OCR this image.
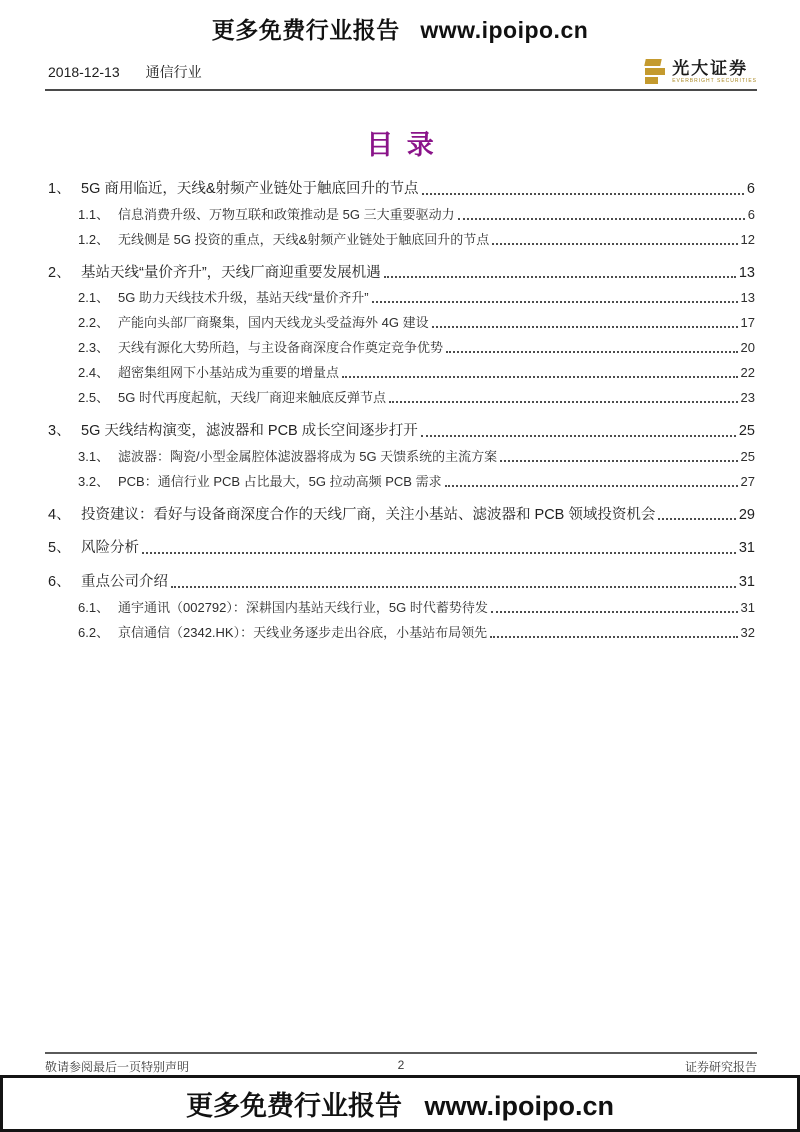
更多免费行业报告   www.ipoipo.cn
2018-12-13 通信行业	光大证券
EVERBRIGHT SECURITIES
目  录
1、 5G 商用临近，天线&射频产业链处于触底回升的节点	6
1.1、 信息消费升级、万物互联和政策推动是 5G 三大重要驱动力	6
1.2、 无线侧是 5G 投资的重点，天线&射频产业链处于触底回升的节点	12
2、 基站天线“量价齐升”，天线厂商迎重要发展机遇	13
2.1、 5G 助力天线技术升级，基站天线“量价齐升”	13
2.2、 产能向头部厂商聚集，国内天线龙头受益海外 4G 建设	17
2.3、 天线有源化大势所趋，与主设备商深度合作奠定竞争优势	20
2.4、 超密集组网下小基站成为重要的增量点	22
2.5、 5G 时代再度起航，天线厂商迎来触底反弹节点	23
3、 5G 天线结构演变，滤波器和 PCB 成长空间逐步打开	25
3.1、 滤波器：陶瓷/小型金属腔体滤波器将成为 5G 天馈系统的主流方案	25
3.2、 PCB：通信行业 PCB 占比最大，5G 拉动高频 PCB 需求	27
4、 投资建议：看好与设备商深度合作的天线厂商，关注小基站、滤波器和 PCB 领域投资机会	29
5、 风险分析	31
6、 重点公司介绍	31
6.1、 通宇通讯（002792）：深耕国内基站天线行业，5G 时代蓄势待发	31
6.2、 京信通信（2342.HK）：天线业务逐步走出谷底，小基站布局领先	32
敬请参阅最后一页特别声明	2	证券研究报告
更多免费行业报告   www.ipoipo.cn
